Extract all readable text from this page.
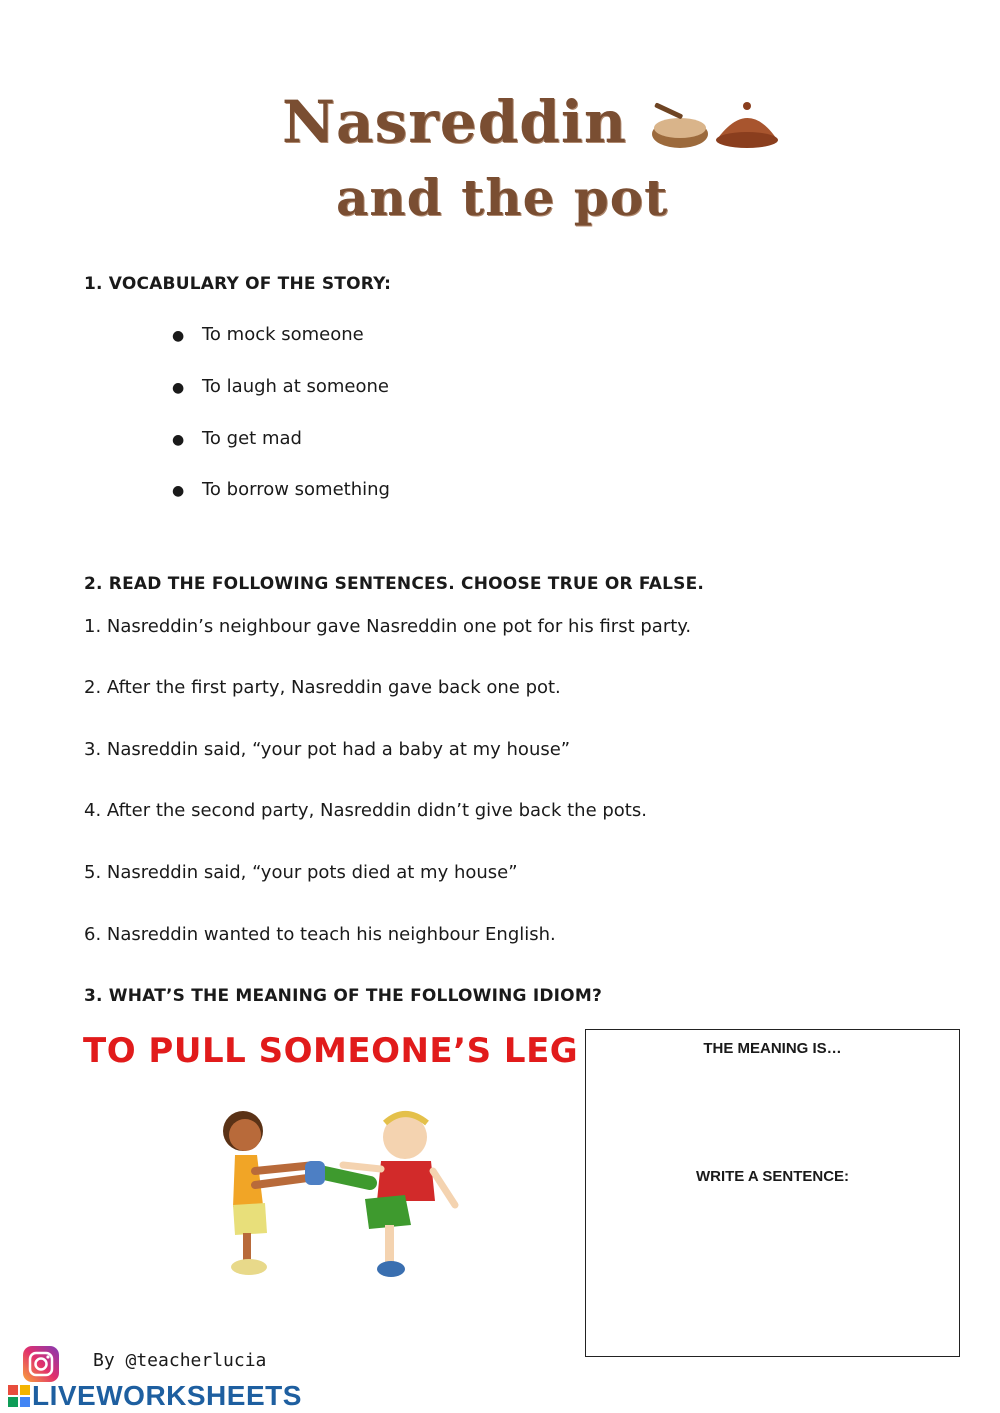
Nasreddin
and the pot
1. VOCABULARY OF THE STORY:
● To mock someone
● To laugh at someone
● To get mad
● To borrow something
2. READ THE FOLLOWING SENTENCES. CHOOSE TRUE OR FALSE.
1. Nasreddin’s neighbour gave Nasreddin one pot for his first party.
2. After the first party, Nasreddin gave back one pot.
3. Nasreddin said, “your pot had a baby at my house”
4. After the second party, Nasreddin didn’t give back the pots.
5. Nasreddin said, “your pots died at my house”
6. Nasreddin wanted to teach his neighbour English.
3. WHAT’S THE MEANING OF THE FOLLOWING IDIOM?
TO PULL SOMEONE’S LEG	THE MEANING IS…
WRITE A SENTENCE:
By @teacherlucia
LIVEWORKSHEETS
